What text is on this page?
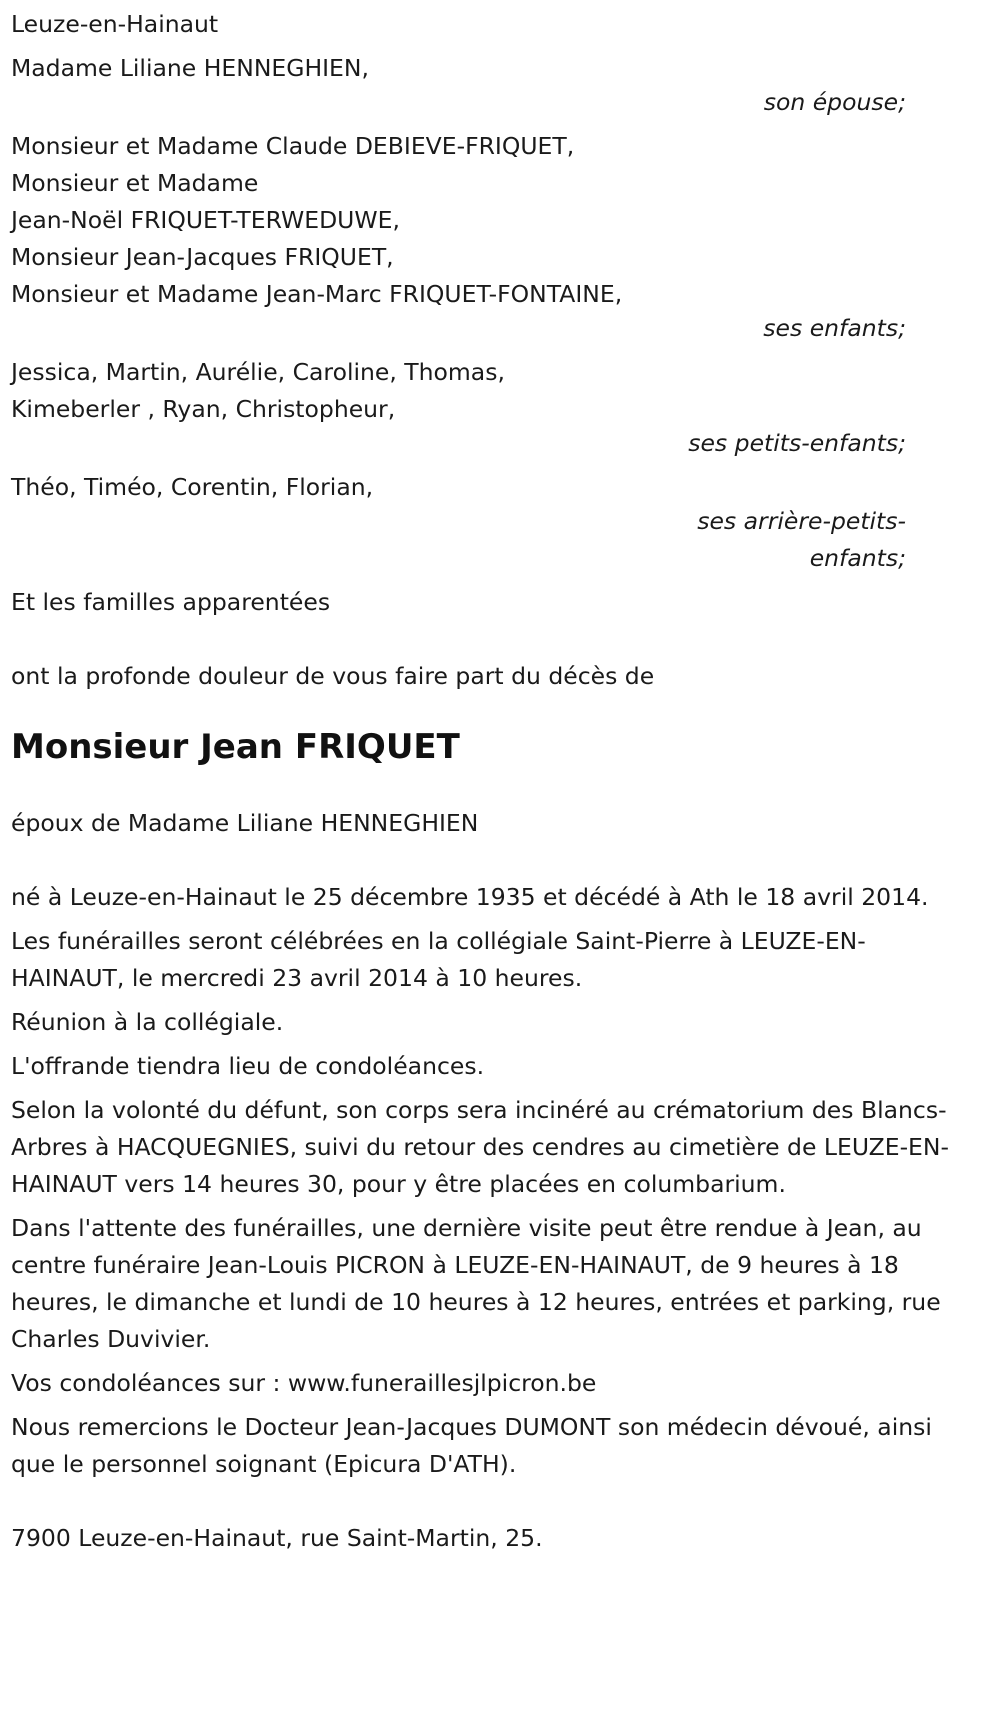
Leuze-en-Hainaut
Madame Liliane HENNEGHIEN,
son épouse;
Monsieur et Madame Claude DEBIEVE-FRIQUET,
Monsieur et Madame
Jean-Noël FRIQUET-TERWEDUWE,
Monsieur Jean-Jacques FRIQUET,
Monsieur et Madame Jean-Marc FRIQUET-FONTAINE,
ses enfants;
Jessica, Martin, Aurélie, Caroline, Thomas,
Kimeberler , Ryan, Christopheur,
ses petits-enfants;
Théo, Timéo, Corentin, Florian,
ses arrière-petits-
enfants;
Et les familles apparentées
ont la profonde douleur de vous faire part du décès de
Monsieur Jean FRIQUET
époux de Madame Liliane HENNEGHIEN

né à Leuze-en-Hainaut le 25 décembre 1935 et décédé à Ath le 18 avril 2014.

Les funérailles seront célébrées en la collégiale Saint-Pierre à LEUZE-EN-HAINAUT, le mercredi 23 avril 2014 à 10 heures.

Réunion à la collégiale.

L'offrande tiendra lieu de condoléances.

Selon la volonté du défunt, son corps sera incinéré au crématorium des Blancs-Arbres à HACQUEGNIES, suivi du retour des cendres au cimetière de LEUZE-EN-HAINAUT vers 14 heures 30, pour y être placées en columbarium.

Dans l'attente des funérailles, une dernière visite peut être rendue à Jean, au centre funéraire Jean-Louis PICRON à LEUZE-EN-HAINAUT, de 9 heures à 18 heures, le dimanche et lundi de 10 heures à 12 heures, entrées et parking, rue Charles Duvivier.

Vos condoléances sur : www.funeraillesjlpicron.be

Nous remercions le Docteur Jean-Jacques DUMONT son médecin dévoué, ainsi que le personnel soignant (Epicura D'ATH).

7900 Leuze-en-Hainaut, rue Saint-Martin, 25.
